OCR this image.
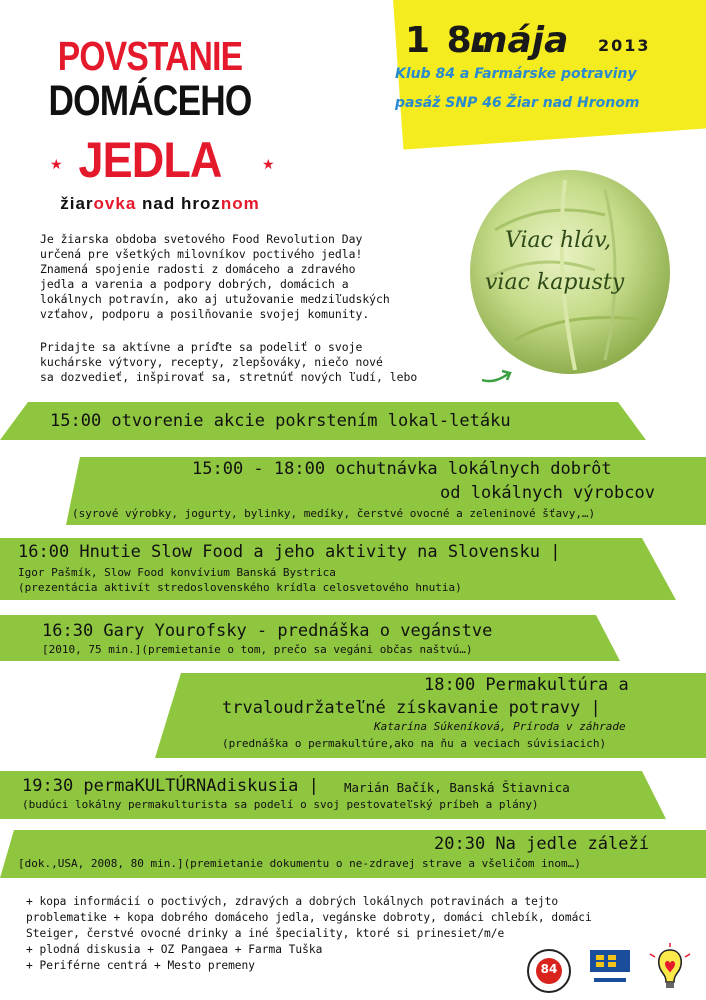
POVSTANIE
DOMÁCEHO
★ JEDLA	★
žiarovka nad hroznom
1 8.
mája 2013
Klub 84 a Farmárske potraviny
pasáž SNP 46 Žiar nad Hronom
Je žiarska obdoba svetového Food Revolution Day
určená pre všetkých milovníkov poctivého jedla!
Znamená spojenie radosti z domáceho a zdravého
jedla a varenia a podpory dobrých, domácich a
lokálnych potravín, ako aj utužovanie medziľudských
vzťahov, podporu a posilňovanie svojej komunity.
Pridajte sa aktívne a príďte sa podeliť o svoje
kuchárske výtvory, recepty, zlepšováky, niečo nové
sa dozvedieť, inšpirovať sa, stretnúť nových ľudí, lebo
Viac hláv,
viac kapusty
15:00 otvorenie akcie pokrstením lokal-letáku
15:00 - 18:00 ochutnávka lokálnych dobrôt
od lokálnych výrobcov
(syrové výrobky, jogurty, bylinky, medíky, čerstvé ovocné a zeleninové šťavy,…)
16:00 Hnutie Slow Food a jeho aktivity na Slovensku |
Igor Pašmík, Slow Food konvívium Banská Bystrica
(prezentácia aktivít stredoslovenského krídla celosvetového hnutia)
16:30 Gary Yourofsky - prednáška o vegánstve
[2010, 75 min.](premietanie o tom, prečo sa vegáni občas naštvú…)
18:00 Permakultúra a
trvaloudržateľné získavanie potravy |
Katarína Súkeníková, Príroda v záhrade
(prednáška o permakultúre,ako na ňu a veciach súvisiacich)
19:30 permaKULTÚRNAdiskusia | Marián Bačík, Banská Štiavnica
(budúci lokálny permakulturista sa podelí o svoj pestovateľský príbeh a plány)
20:30 Na jedle záleží
[dok.,USA, 2008, 80 min.](premietanie dokumentu o ne-zdravej strave a všeličom inom…)
+ kopa informácií o poctivých, zdravých a dobrých lokálnych potravinách a tejto
problematike + kopa dobrého domáceho jedla, vegánske dobroty, domáci chlebík, domáci
Steiger, čerstvé ovocné drinky a iné špeciality, ktoré si prinesiet/m/e
+ plodná diskusia + OZ Pangaea + Farma Tuška
+ Periférne centrá + Mesto premeny	84
